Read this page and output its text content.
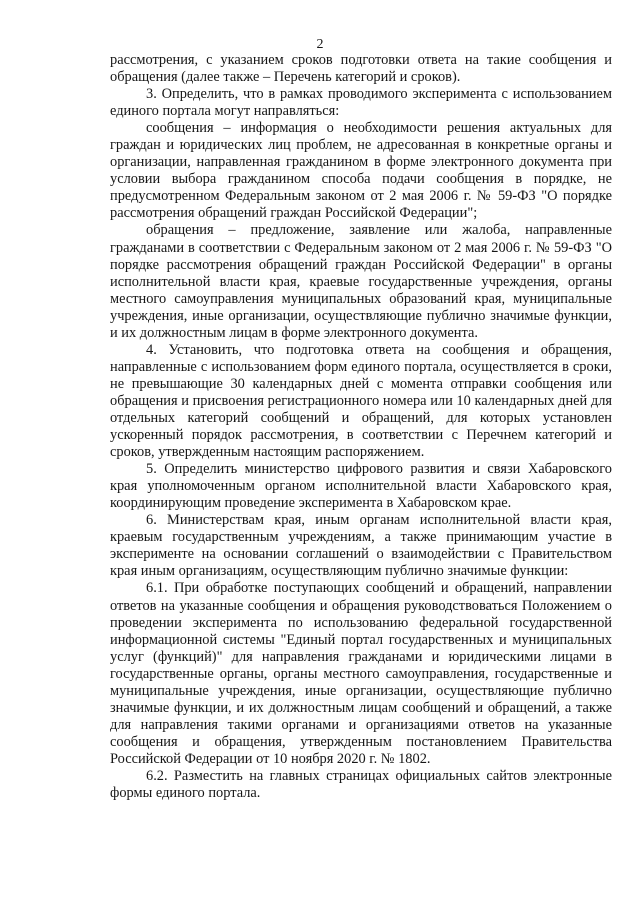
2

рассмотрения, с указанием сроков подготовки ответа на такие сообщения и обращения (далее также – Перечень категорий и сроков).

3. Определить, что в рамках проводимого эксперимента с использованием единого портала могут направляться:

сообщения – информация о необходимости решения актуальных для граждан и юридических лиц проблем, не адресованная в конкретные органы и организации, направленная гражданином в форме электронного документа при условии выбора гражданином способа подачи сообщения в порядке, не предусмотренном Федеральным законом от 2 мая 2006 г. № 59-ФЗ "О порядке рассмотрения обращений граждан Российской Федерации";

обращения – предложение, заявление или жалоба, направленные гражданами в соответствии с Федеральным законом от 2 мая 2006 г. № 59-ФЗ "О порядке рассмотрения обращений граждан Российской Федерации" в органы исполнительной власти края, краевые государственные учреждения, органы местного самоуправления муниципальных образований края, муниципальные учреждения, иные организации, осуществляющие публично значимые функции, и их должностным лицам в форме электронного документа.

4. Установить, что подготовка ответа на сообщения и обращения, направленные с использованием форм единого портала, осуществляется в сроки, не превышающие 30 календарных дней с момента отправки сообщения или обращения и присвоения регистрационного номера или 10 календарных дней для отдельных категорий сообщений и обращений, для которых установлен ускоренный порядок рассмотрения, в соответствии с Перечнем категорий и сроков, утвержденным настоящим распоряжением.

5. Определить министерство цифрового развития и связи Хабаровского края уполномоченным органом исполнительной власти Хабаровского края, координирующим проведение эксперимента в Хабаровском крае.

6. Министерствам края, иным органам исполнительной власти края, краевым государственным учреждениям, а также принимающим участие в эксперименте на основании соглашений о взаимодействии с Правительством края иным организациям, осуществляющим публично значимые функции:

6.1. При обработке поступающих сообщений и обращений, направлении ответов на указанные сообщения и обращения руководствоваться Положением о проведении эксперимента по использованию федеральной государственной информационной системы "Единый портал государственных и муниципальных услуг (функций)" для направления гражданами и юридическими лицами в государственные органы, органы местного самоуправления, государственные и муниципальные учреждения, иные организации, осуществляющие публично значимые функции, и их должностным лицам сообщений и обращений, а также для направления такими органами и организациями ответов на указанные сообщения и обращения, утвержденным постановлением Правительства Российской Федерации от 10 ноября 2020 г. № 1802.

6.2. Разместить на главных страницах официальных сайтов электронные формы единого портала.
